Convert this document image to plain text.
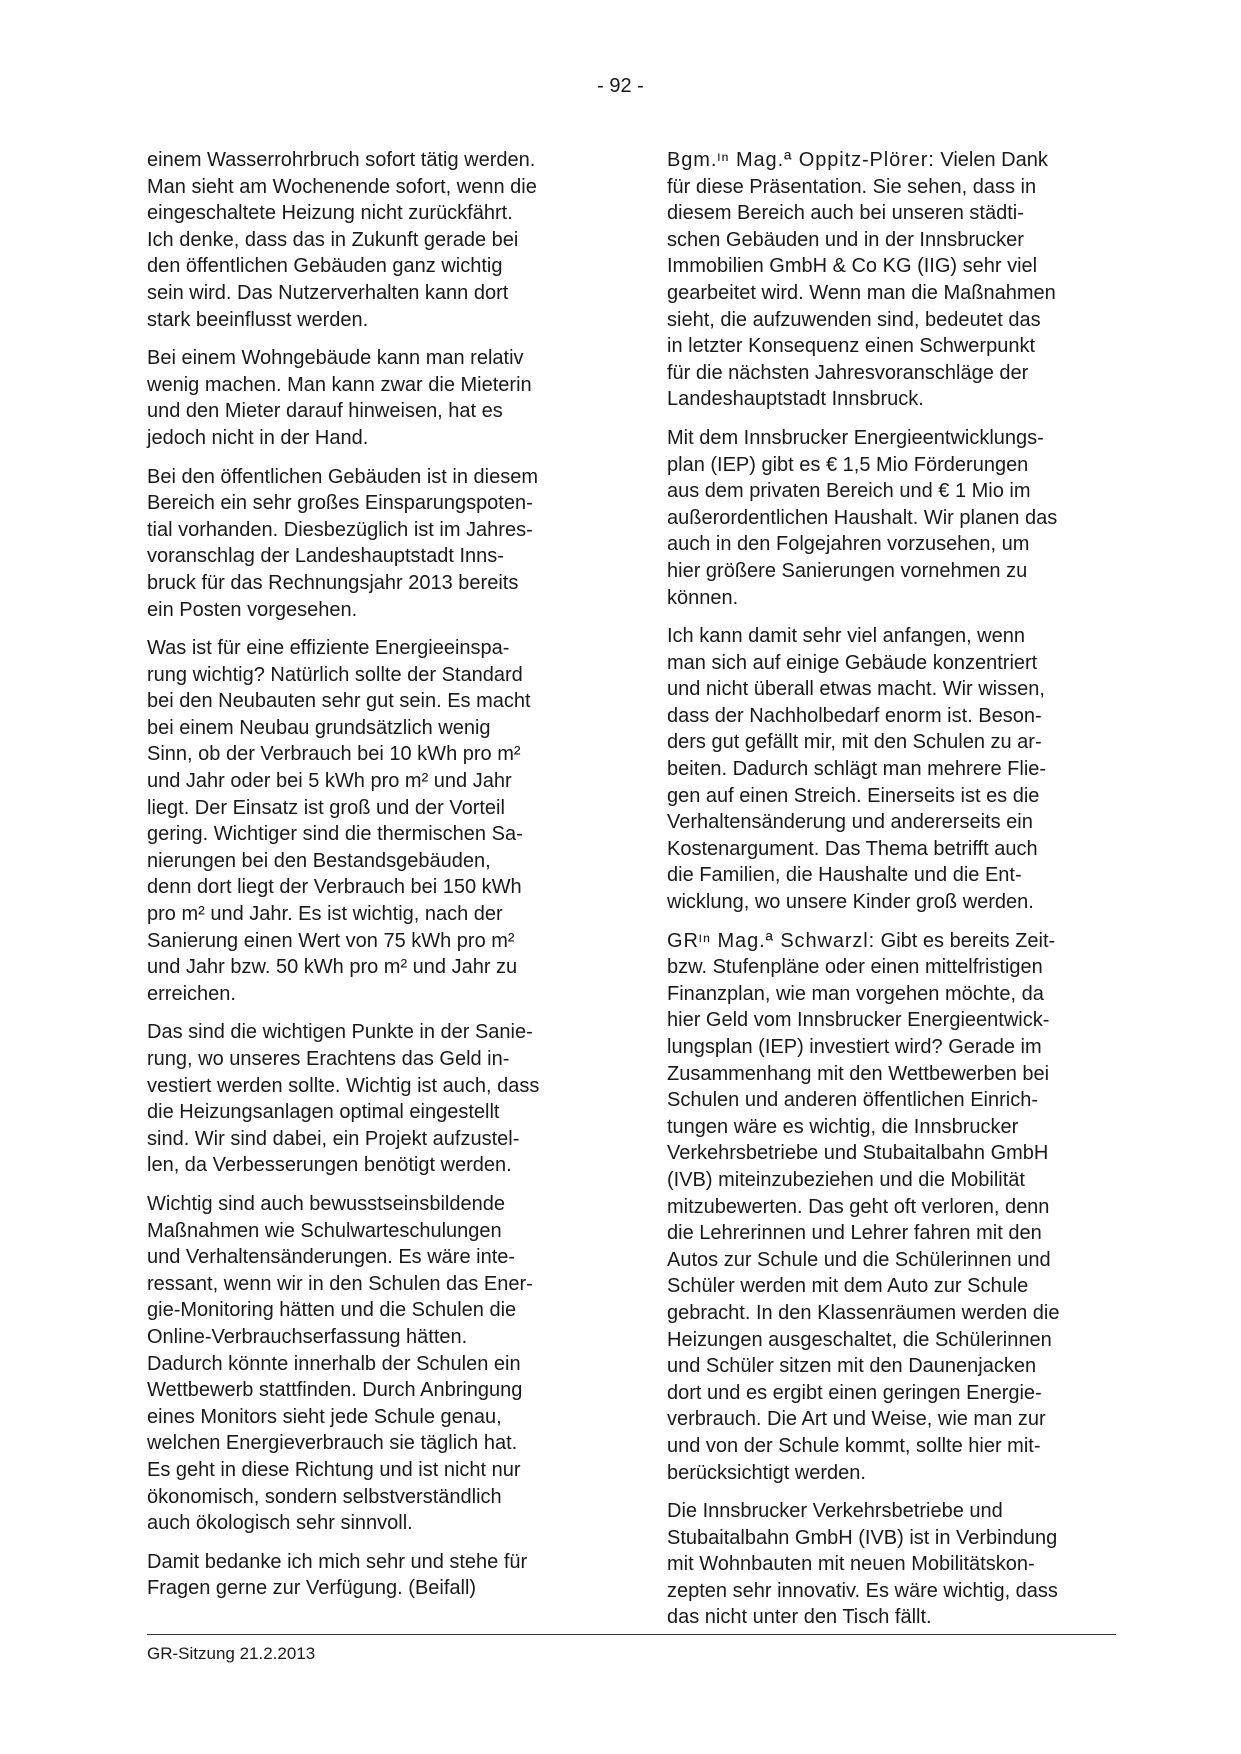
- 92 -

einem Wasserrohrbruch sofort tätig werden.
Man sieht am Wochenende sofort, wenn die
eingeschaltete Heizung nicht zurückfährt.
Ich denke, dass das in Zukunft gerade bei
den öffentlichen Gebäuden ganz wichtig
sein wird. Das Nutzerverhalten kann dort
stark beeinflusst werden.

Bei einem Wohngebäude kann man relativ
wenig machen. Man kann zwar die Mieterin
und den Mieter darauf hinweisen, hat es
jedoch nicht in der Hand.

Bei den öffentlichen Gebäuden ist in diesem
Bereich ein sehr großes Einsparungspoten-
tial vorhanden. Diesbezüglich ist im Jahres-
voranschlag der Landeshauptstadt Inns-
bruck für das Rechnungsjahr 2013 bereits
ein Posten vorgesehen.

Was ist für eine effiziente Energieeinspa-
rung wichtig? Natürlich sollte der Standard
bei den Neubauten sehr gut sein. Es macht
bei einem Neubau grundsätzlich wenig
Sinn, ob der Verbrauch bei 10 kWh pro m²
und Jahr oder bei 5 kWh pro m² und Jahr
liegt. Der Einsatz ist groß und der Vorteil
gering. Wichtiger sind die thermischen Sa-
nierungen bei den Bestandsgebäuden,
denn dort liegt der Verbrauch bei 150 kWh
pro m² und Jahr. Es ist wichtig, nach der
Sanierung einen Wert von 75 kWh pro m²
und Jahr bzw. 50 kWh pro m² und Jahr zu
erreichen.

Das sind die wichtigen Punkte in der Sanie-
rung, wo unseres Erachtens das Geld in-
vestiert werden sollte. Wichtig ist auch, dass
die Heizungsanlagen optimal eingestellt
sind. Wir sind dabei, ein Projekt aufzustel-
len, da Verbesserungen benötigt werden.

Wichtig sind auch bewusstseinsbildende
Maßnahmen wie Schulwarteschulungen
und Verhaltensänderungen. Es wäre inte-
ressant, wenn wir in den Schulen das Ener-
gie-Monitoring hätten und die Schulen die
Online-Verbrauchserfassung hätten.
Dadurch könnte innerhalb der Schulen ein
Wettbewerb stattfinden. Durch Anbringung
eines Monitors sieht jede Schule genau,
welchen Energieverbrauch sie täglich hat.
Es geht in diese Richtung und ist nicht nur
ökonomisch, sondern selbstverständlich
auch ökologisch sehr sinnvoll.

Damit bedanke ich mich sehr und stehe für
Fragen gerne zur Verfügung. (Beifall)

Bgm.ᶦⁿ Mag.ª Oppitz-Plörer: Vielen Dank
für diese Präsentation. Sie sehen, dass in
diesem Bereich auch bei unseren städti-
schen Gebäuden und in der Innsbrucker
Immobilien GmbH & Co KG (IIG) sehr viel
gearbeitet wird. Wenn man die Maßnahmen
sieht, die aufzuwenden sind, bedeutet das
in letzter Konsequenz einen Schwerpunkt
für die nächsten Jahresvoranschläge der
Landeshauptstadt Innsbruck.

Mit dem Innsbrucker Energieentwicklungs-
plan (IEP) gibt es € 1,5 Mio Förderungen
aus dem privaten Bereich und € 1 Mio im
außerordentlichen Haushalt. Wir planen das
auch in den Folgejahren vorzusehen, um
hier größere Sanierungen vornehmen zu
können.

Ich kann damit sehr viel anfangen, wenn
man sich auf einige Gebäude konzentriert
und nicht überall etwas macht. Wir wissen,
dass der Nachholbedarf enorm ist. Beson-
ders gut gefällt mir, mit den Schulen zu ar-
beiten. Dadurch schlägt man mehrere Flie-
gen auf einen Streich. Einerseits ist es die
Verhaltensänderung und andererseits ein
Kostenargument. Das Thema betrifft auch
die Familien, die Haushalte und die Ent-
wicklung, wo unsere Kinder groß werden.

GRᶦⁿ Mag.ª Schwarzl: Gibt es bereits Zeit-
bzw. Stufenpläne oder einen mittelfristigen
Finanzplan, wie man vorgehen möchte, da
hier Geld vom Innsbrucker Energieentwick-
lungsplan (IEP) investiert wird? Gerade im
Zusammenhang mit den Wettbewerben bei
Schulen und anderen öffentlichen Einrich-
tungen wäre es wichtig, die Innsbrucker
Verkehrsbetriebe und Stubaitalbahn GmbH
(IVB) miteinzubeziehen und die Mobilität
mitzubewerten. Das geht oft verloren, denn
die Lehrerinnen und Lehrer fahren mit den
Autos zur Schule und die Schülerinnen und
Schüler werden mit dem Auto zur Schule
gebracht. In den Klassenräumen werden die
Heizungen ausgeschaltet, die Schülerinnen
und Schüler sitzen mit den Daunenjacken
dort und es ergibt einen geringen Energie-
verbrauch. Die Art und Weise, wie man zur
und von der Schule kommt, sollte hier mit-
berücksichtigt werden.

Die Innsbrucker Verkehrsbetriebe und
Stubaitalbahn GmbH (IVB) ist in Verbindung
mit Wohnbauten mit neuen Mobilitätskon-
zepten sehr innovativ. Es wäre wichtig, dass
das nicht unter den Tisch fällt.

GR-Sitzung 21.2.2013
